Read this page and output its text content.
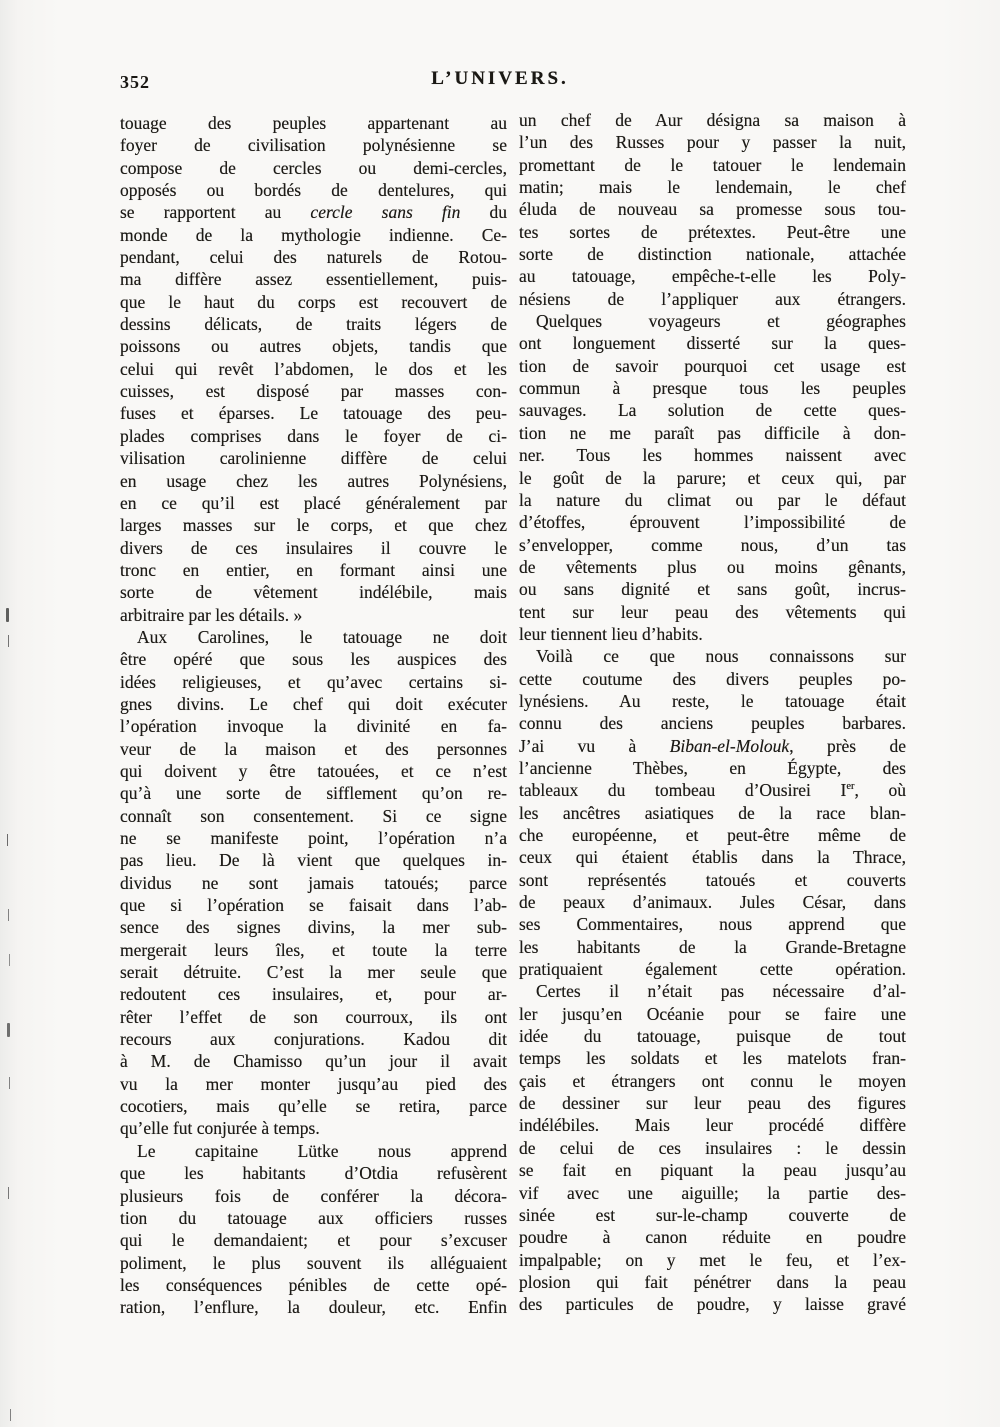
352	L’UNIVERS.
touage des peuples appartenant au
foyer de civilisation polynésienne se
compose de cercles ou demi-cercles,
opposés ou bordés de dentelures, qui
se rapportent au cercle sans fin du
monde de la mythologie indienne. Ce-
pendant, celui des naturels de Rotou-
ma diffère assez essentiellement, puis-
que le haut du corps est recouvert de
dessins délicats, de traits légers de
poissons ou autres objets, tandis que
celui qui revêt l’abdomen, le dos et les
cuisses, est disposé par masses con-
fuses et éparses. Le tatouage des peu-
plades comprises dans le foyer de ci-
vilisation carolinienne diffère de celui
en usage chez les autres Polynésiens,
en ce qu’il est placé généralement par
larges masses sur le corps, et que chez
divers de ces insulaires il couvre le
tronc en entier, en formant ainsi une
sorte de vêtement indélébile, mais
arbitraire par les détails. »
Aux Carolines, le tatouage ne doit
être opéré que sous les auspices des
idées religieuses, et qu’avec certains si-
gnes divins. Le chef qui doit exécuter
l’opération invoque la divinité en fa-
veur de la maison et des personnes
qui doivent y être tatouées, et ce n’est
qu’à une sorte de sifflement qu’on re-
connaît son consentement. Si ce signe
ne se manifeste point, l’opération n’a
pas lieu. De là vient que quelques in-
dividus ne sont jamais tatoués; parce
que si l’opération se faisait dans l’ab-
sence des signes divins, la mer sub-
mergerait leurs îles, et toute la terre
serait détruite. C’est la mer seule que
redoutent ces insulaires, et, pour ar-
rêter l’effet de son courroux, ils ont
recours aux conjurations. Kadou dit
à M. de Chamisso qu’un jour il avait
vu la mer monter jusqu’au pied des
cocotiers, mais qu’elle se retira, parce
qu’elle fut conjurée à temps.
Le capitaine Lütke nous apprend
que les habitants d’Otdia refusèrent
plusieurs fois de conférer la décora-
tion du tatouage aux officiers russes
qui le demandaient; et pour s’excuser
poliment, le plus souvent ils alléguaient
les conséquences pénibles de cette opé-
ration, l’enflure, la douleur, etc. Enfin
un chef de Aur désigna sa maison à
l’un des Russes pour y passer la nuit,
promettant de le tatouer le lendemain
matin; mais le lendemain, le chef
éluda de nouveau sa promesse sous tou-
tes sortes de prétextes. Peut-être une
sorte de distinction nationale, attachée
au tatouage, empêche-t-elle les Poly-
nésiens de l’appliquer aux étrangers.
Quelques voyageurs et géographes
ont longuement disserté sur la ques-
tion de savoir pourquoi cet usage est
commun à presque tous les peuples
sauvages. La solution de cette ques-
tion ne me paraît pas difficile à don-
ner. Tous les hommes naissent avec
le goût de la parure; et ceux qui, par
la nature du climat ou par le défaut
d’étoffes, éprouvent l’impossibilité de
s’envelopper, comme nous, d’un tas
de vêtements plus ou moins gênants,
ou sans dignité et sans goût, incrus-
tent sur leur peau des vêtements qui
leur tiennent lieu d’habits.
Voilà ce que nous connaissons sur
cette coutume des divers peuples po-
lynésiens. Au reste, le tatouage était
connu des anciens peuples barbares.
J’ai vu à Biban-el-Molouk, près de
l’ancienne Thèbes, en Égypte, des
tableaux du tombeau d’Ousirei Ier, où
les ancêtres asiatiques de la race blan-
che européenne, et peut-être même de
ceux qui étaient établis dans la Thrace,
sont représentés tatoués et couverts
de peaux d’animaux. Jules César, dans
ses Commentaires, nous apprend que
les habitants de la Grande-Bretagne
pratiquaient également cette opération.
Certes il n’était pas nécessaire d’al-
ler jusqu’en Océanie pour se faire une
idée du tatouage, puisque de tout
temps les soldats et les matelots fran-
çais et étrangers ont connu le moyen
de dessiner sur leur peau des figures
indélébiles. Mais leur procédé diffère
de celui de ces insulaires : le dessin
se fait en piquant la peau jusqu’au
vif avec une aiguille; la partie des-
sinée est sur-le-champ couverte de
poudre à canon réduite en poudre
impalpable; on y met le feu, et l’ex-
plosion qui fait pénétrer dans la peau
des particules de poudre, y laisse gravé
